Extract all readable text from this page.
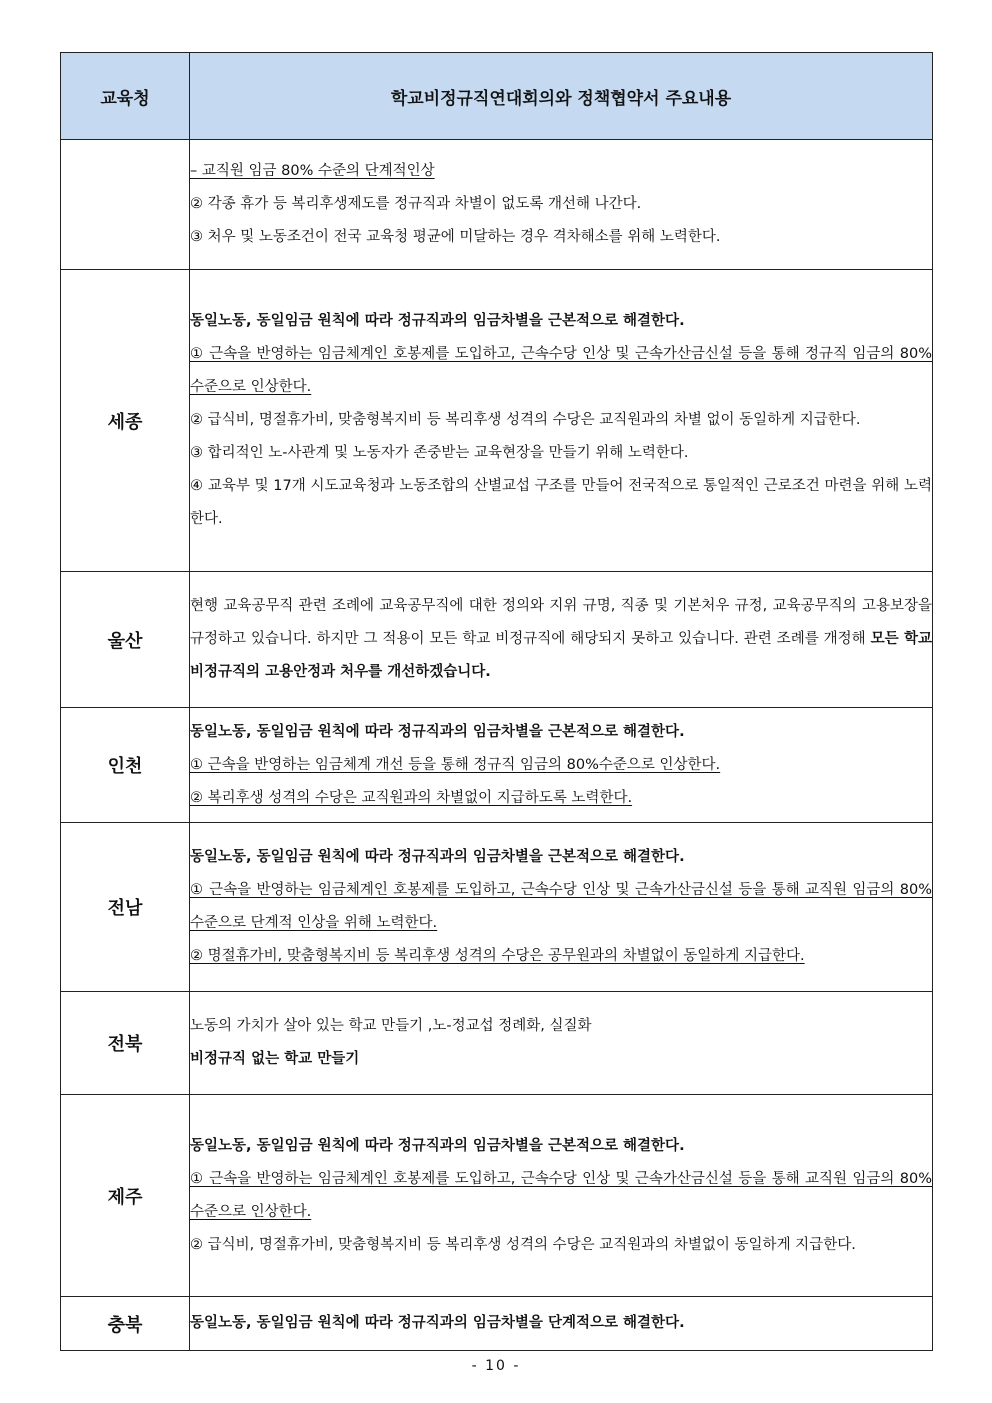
교육청	학교비정규직연대회의와 정책협약서 주요내용

	– 교직원 임금 80% 수준의 단계적인상
② 각종 휴가 등 복리후생제도를 정규직과 차별이 없도록 개선해 나간다.
③ 처우 및 노동조건이 전국 교육청 평균에 미달하는 경우 격차해소를 위해 노력한다.

세종	동일노동, 동일임금 원칙에 따라 정규직과의 임금차별을 근본적으로 해결한다.
① 근속을 반영하는 임금체계인 호봉제를 도입하고, 근속수당 인상 및 근속가산금신설 등을 통해 정규직 임금의 80%수준으로 인상한다.
② 급식비, 명절휴가비, 맞춤형복지비 등 복리후생 성격의 수당은 교직원과의 차별 없이 동일하게 지급한다.
③ 합리적인 노-사관계 및 노동자가 존중받는 교육현장을 만들기 위해 노력한다.
④ 교육부 및 17개 시도교육청과 노동조합의 산별교섭 구조를 만들어 전국적으로 통일적인 근로조건 마련을 위해 노력한다.

울산	현행 교육공무직 관련 조례에 교육공무직에 대한 정의와 지위 규명, 직종 및 기본처우 규정, 교육공무직의 고용보장을 규정하고 있습니다. 하지만 그 적용이 모든 학교 비정규직에 해당되지 못하고 있습니다. 관련 조례를 개정해 모든 학교 비정규직의 고용안정과 처우를 개선하겠습니다.

인천	동일노동, 동일임금 원칙에 따라 정규직과의 임금차별을 근본적으로 해결한다.
① 근속을 반영하는 임금체계 개선 등을 통해 정규직 임금의 80%수준으로 인상한다.
② 복리후생 성격의 수당은 교직원과의 차별없이 지급하도록 노력한다.

전남	동일노동, 동일임금 원칙에 따라 정규직과의 임금차별을 근본적으로 해결한다.
① 근속을 반영하는 임금체계인 호봉제를 도입하고, 근속수당 인상 및 근속가산금신설 등을 통해 교직원 임금의 80%수준으로 단계적 인상을 위해 노력한다.
② 명절휴가비, 맞춤형복지비 등 복리후생 성격의 수당은 공무원과의 차별없이 동일하게 지급한다.

전북	노동의 가치가 살아 있는 학교 만들기 ,노-정교섭 정례화, 실질화
비정규직 없는 학교 만들기

제주	동일노동, 동일임금 원칙에 따라 정규직과의 임금차별을 근본적으로 해결한다.
① 근속을 반영하는 임금체계인 호봉제를 도입하고, 근속수당 인상 및 근속가산금신설 등을 통해 교직원 임금의 80%수준으로 인상한다.
② 급식비, 명절휴가비, 맞춤형복지비 등 복리후생 성격의 수당은 교직원과의 차별없이 동일하게 지급한다.

충북	동일노동, 동일임금 원칙에 따라 정규직과의 임금차별을 단계적으로 해결한다.
- 10 -
